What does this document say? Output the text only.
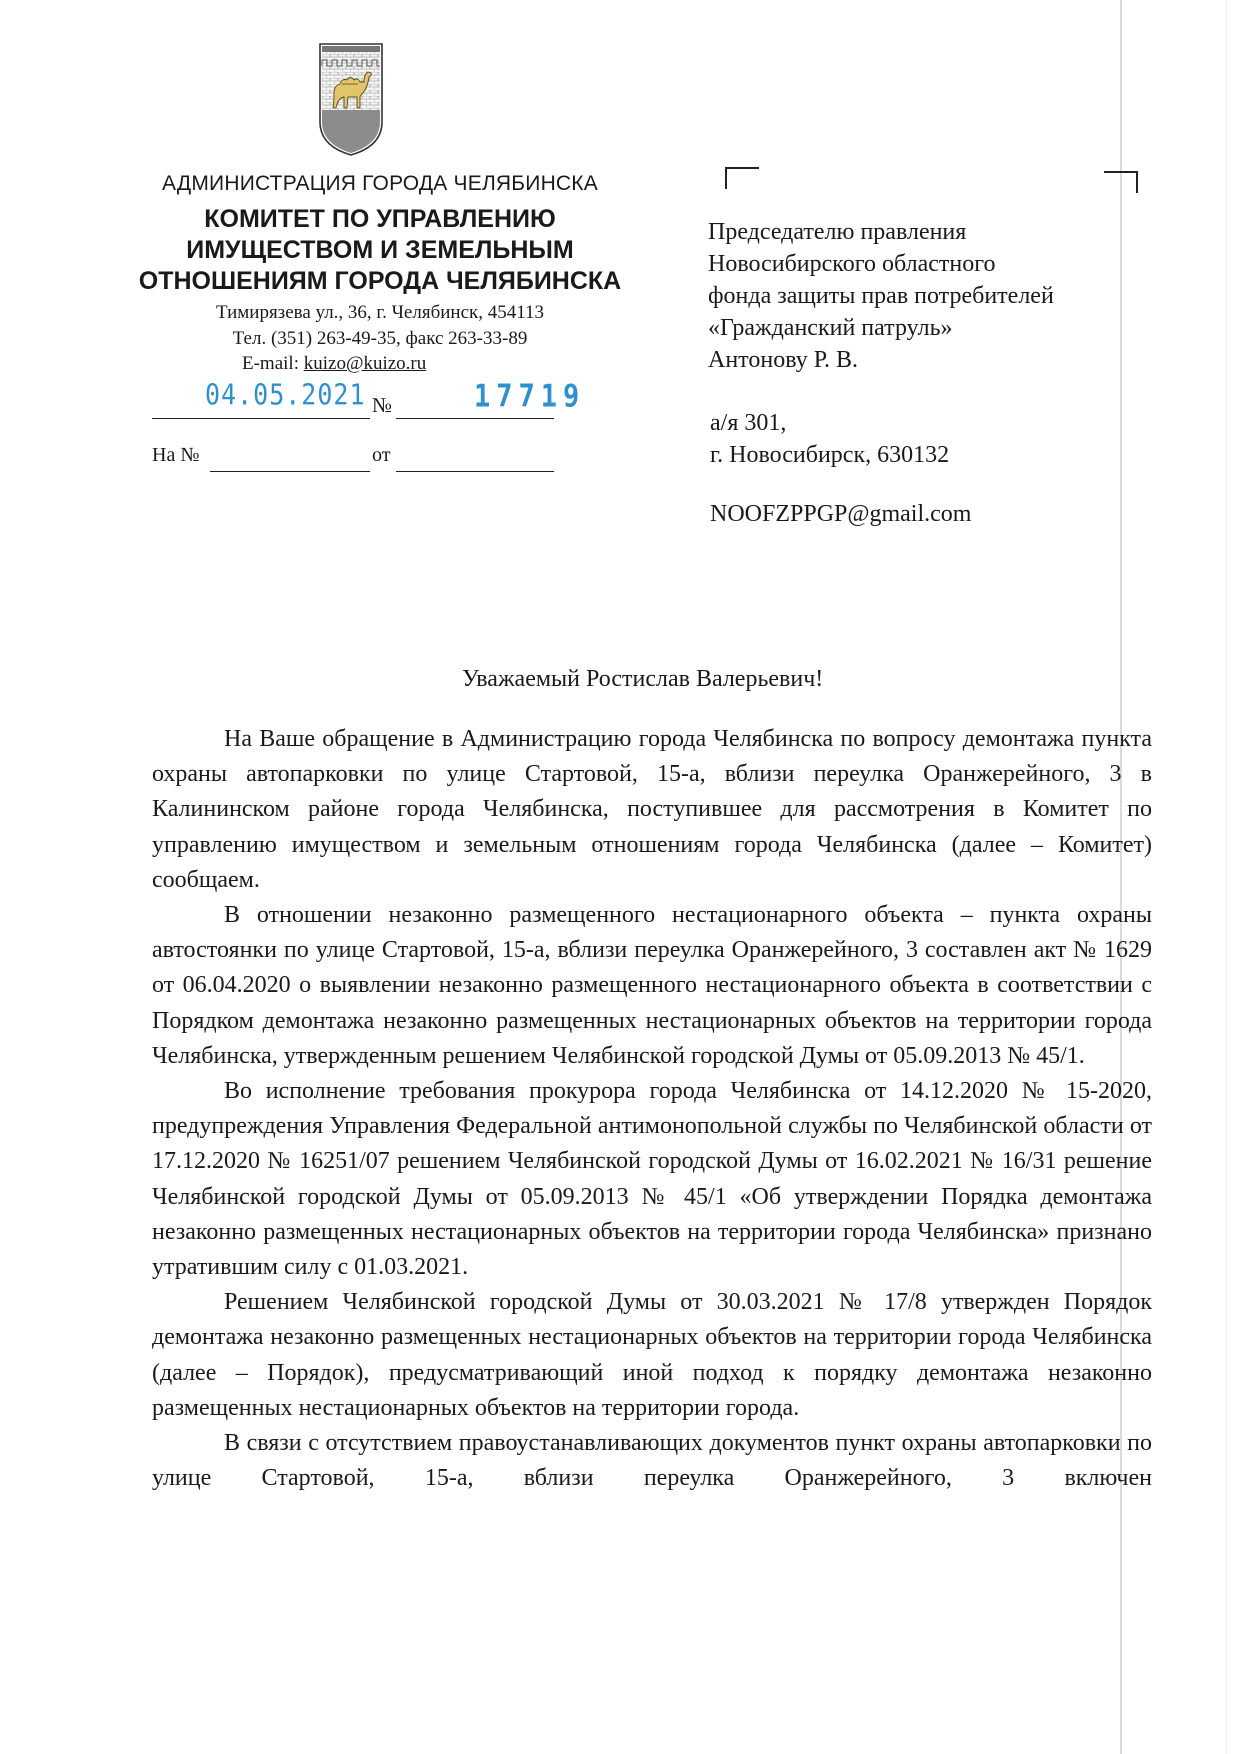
АДМИНИСТРАЦИЯ ГОРОДА ЧЕЛЯБИНСКА
КОМИТЕТ ПО УПРАВЛЕНИЮ
ИМУЩЕСТВОМ И ЗЕМЕЛЬНЫМ
ОТНОШЕНИЯМ ГОРОДА ЧЕЛЯБИНСКА
Тимирязева ул., 36, г. Челябинск, 454113
Тел. (351) 263-49-35, факс 263-33-89
E-mail: kuizo@kuizo.ru
04.05.2021 №	17719
На №	от
Председателю правления
Новосибирского областного
фонда защиты прав потребителей
«Гражданский патруль»
Антонову Р. В.
а/я 301,
г. Новосибирск, 630132
NOOFZPPGP@gmail.com
Уважаемый Ростислав Валерьевич!

На Ваше обращение в Администрацию города Челябинска по вопросу демонтажа пункта охраны автопарковки по улице Стартовой, 15-а, вблизи переулка Оранжерейного, 3 в Калининском районе города Челябинска, поступившее для рассмотрения в Комитет по управлению имуществом и земельным отношениям города Челябинска (далее – Комитет) сообщаем.

В отношении незаконно размещенного нестационарного объекта – пункта охраны автостоянки по улице Стартовой, 15-а, вблизи переулка Оранжерейного, 3 составлен акт № 1629 от 06.04.2020 о выявлении незаконно размещенного нестационарного объекта в соответствии с Порядком демонтажа незаконно размещенных нестационарных объектов на территории города Челябинска, утвержденным решением Челябинской городской Думы от 05.09.2013 № 45/1.

Во исполнение требования прокурора города Челябинска от 14.12.2020 № 15-2020, предупреждения Управления Федеральной антимонопольной службы по Челябинской области от 17.12.2020 № 16251/07 решением Челябинской городской Думы от 16.02.2021 № 16/31 решение Челябинской городской Думы от 05.09.2013 № 45/1 «Об утверждении Порядка демонтажа незаконно размещенных нестационарных объектов на территории города Челябинска» признано утратившим силу с 01.03.2021.

Решением Челябинской городской Думы от 30.03.2021 № 17/8 утвержден Порядок демонтажа незаконно размещенных нестационарных объектов на территории города Челябинска (далее – Порядок), предусматривающий иной подход к порядку демонтажа незаконно размещенных нестационарных объектов на территории города.

В связи с отсутствием правоустанавливающих документов пункт охраны автопарковки по улице Стартовой, 15-а, вблизи переулка Оранжерейного, 3 включен
